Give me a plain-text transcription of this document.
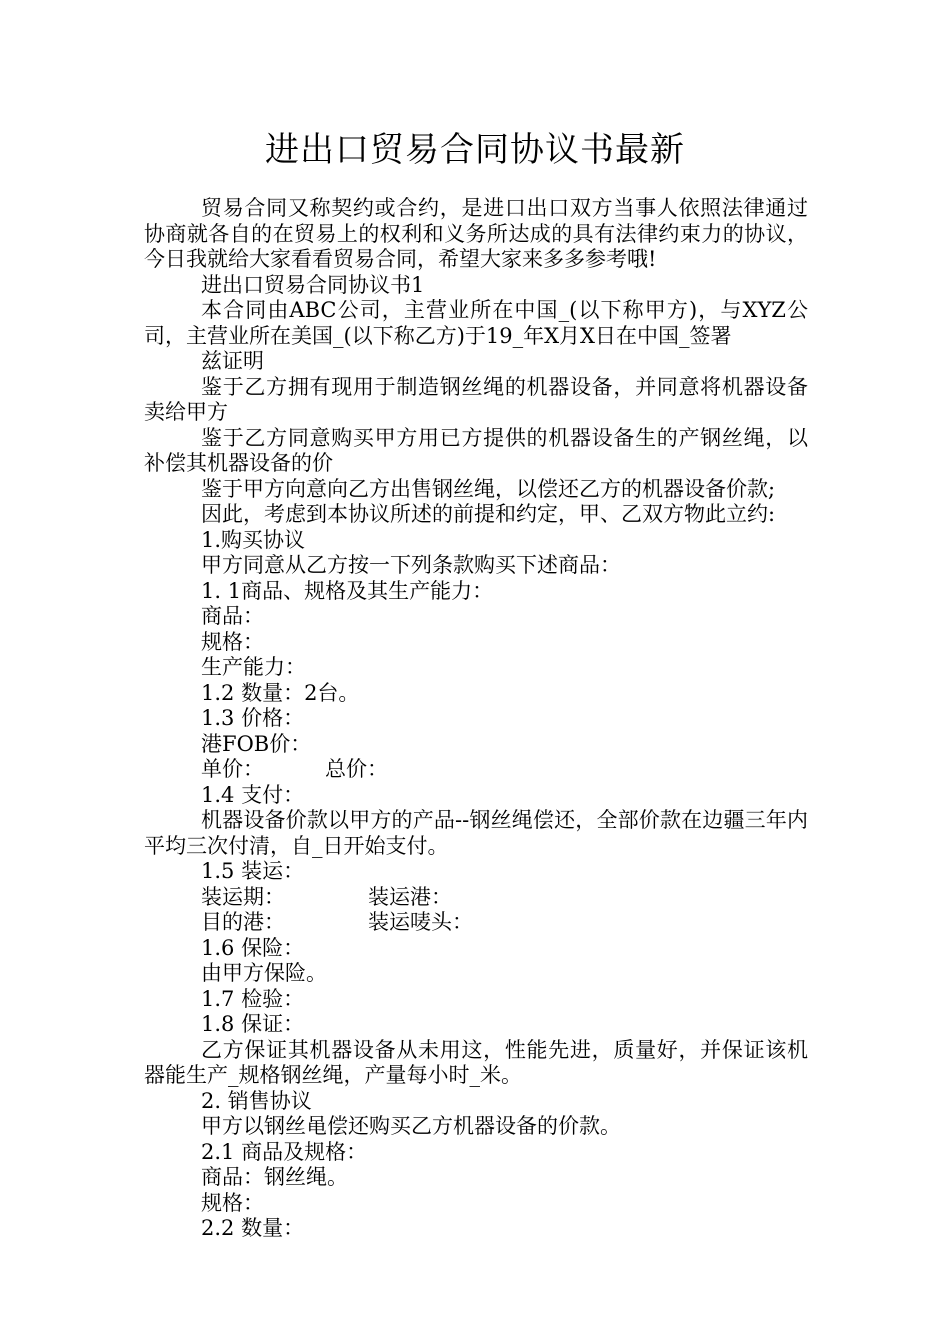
进出口贸易合同协议书最新

贸易合同又称契约或合约，是进口出口双方当事人依照法律通过协商就各自的在贸易上的权利和义务所达成的具有法律约束力的协议，今日我就给大家看看贸易合同，希望大家来多多参考哦!

进出口贸易合同协议书1

本合同由ABC公司，主营业所在中国_(以下称甲方)，与XYZ公司，主营业所在美国_(以下称乙方)于19_年X月X日在中国_签署

兹证明

鉴于乙方拥有现用于制造钢丝绳的机器设备，并同意将机器设备卖给甲方

鉴于乙方同意购买甲方用已方提供的机器设备生的产钢丝绳，以补偿其机器设备的价

鉴于甲方向意向乙方出售钢丝绳，以偿还乙方的机器设备价款;

因此，考虑到本协议所述的前提和约定，甲、乙双方物此立约:

1.购买协议

甲方同意从乙方按一下列条款购买下述商品：

1. 1商品、规格及其生产能力：

商品：

规格：

生产能力：

1.2 数量：2台。

1.3 价格：

港FOB价：

单价：	总价：

1.4 支付：

机器设备价款以甲方的产品--钢丝绳偿还，全部价款在边疆三年内平均三次付清，自_日开始支付。

1.5 装运：

装运期：	装运港：
目的港：	装运唛头：

1.6 保险：

由甲方保险。

1.7 检验：

1.8 保证：

乙方保证其机器设备从未用这，性能先进，质量好，并保证该机器能生产_规格钢丝绳，产量每小时_米。

2. 销售协议

甲方以钢丝黾偿还购买乙方机器设备的价款。

2.1 商品及规格：

商品：钢丝绳。

规格：

2.2 数量：
